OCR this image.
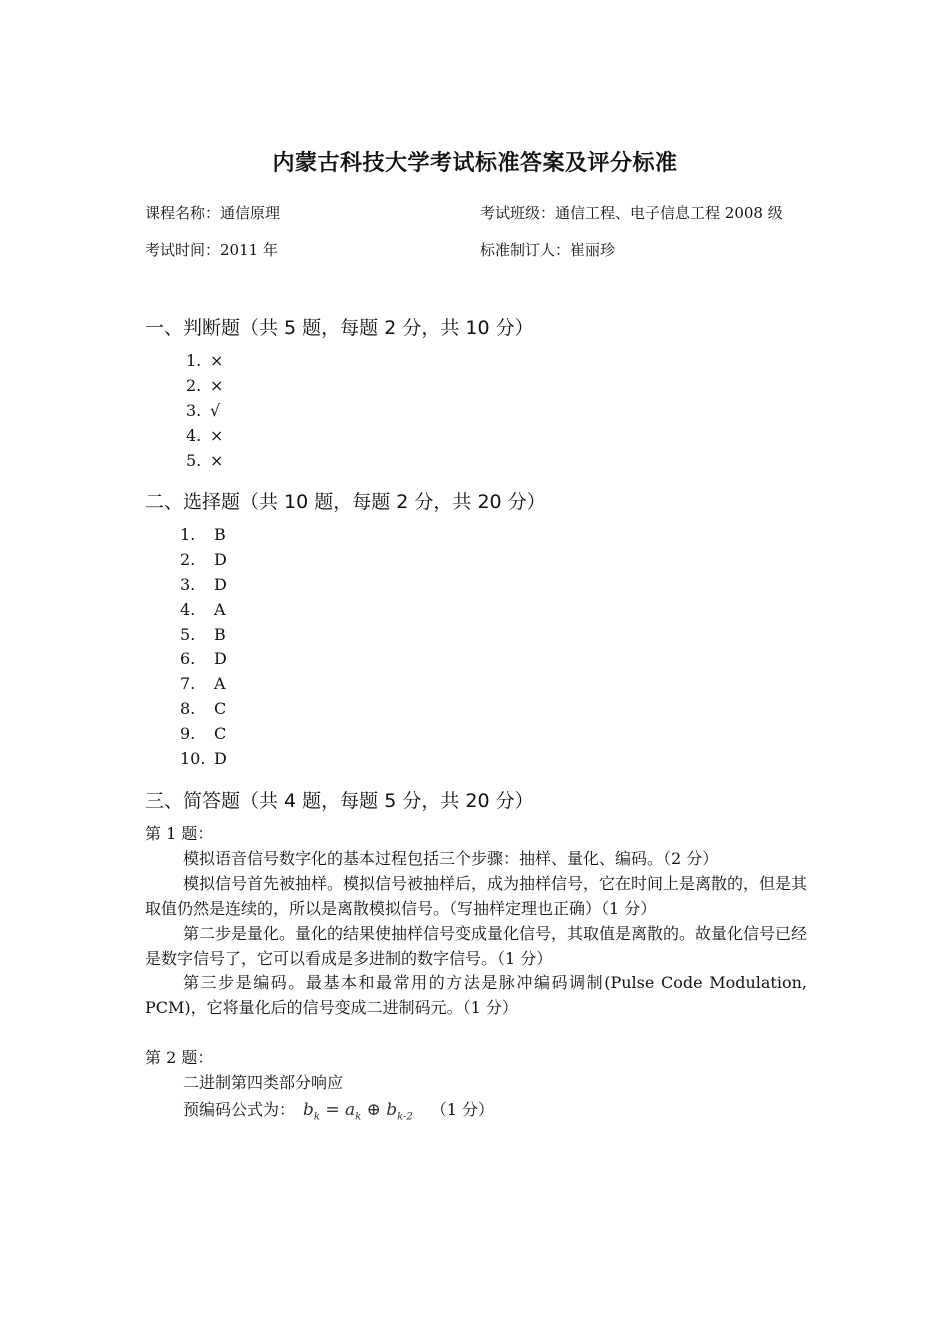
内蒙古科技大学考试标准答案及评分标准
课程名称：通信原理	考试班级：通信工程、电子信息工程 2008 级
考试时间：2011 年	标准制订人：崔丽珍
一、判断题（共 5 题，每题 2 分，共 10 分）
1. ×
2. ×
3. √
4. ×
5. ×
二、选择题（共 10 题，每题 2 分，共 20 分）
1. B
2. D
3. D
4. A
5. B
6. D
7. A
8. C
9. C
10. D
三、简答题（共 4 题，每题 5 分，共 20 分）

第 1 题：

模拟语音信号数字化的基本过程包括三个步骤：抽样、量化、编码。（2 分）

模拟信号首先被抽样。模拟信号被抽样后，成为抽样信号，它在时间上是离散的，但是其取值仍然是连续的，所以是离散模拟信号。（写抽样定理也正确）（1 分）

第二步是量化。量化的结果使抽样信号变成量化信号，其取值是离散的。故量化信号已经是数字信号了，它可以看成是多进制的数字信号。（1 分）

第三步是编码。最基本和最常用的方法是脉冲编码调制(Pulse Code Modulation, PCM)，它将量化后的信号变成二进制码元。（1 分）

第 2 题：

二进制第四类部分响应

预编码公式为： $b_k = a_k$ ⊕ $b_{k-2}$ （1 分）
